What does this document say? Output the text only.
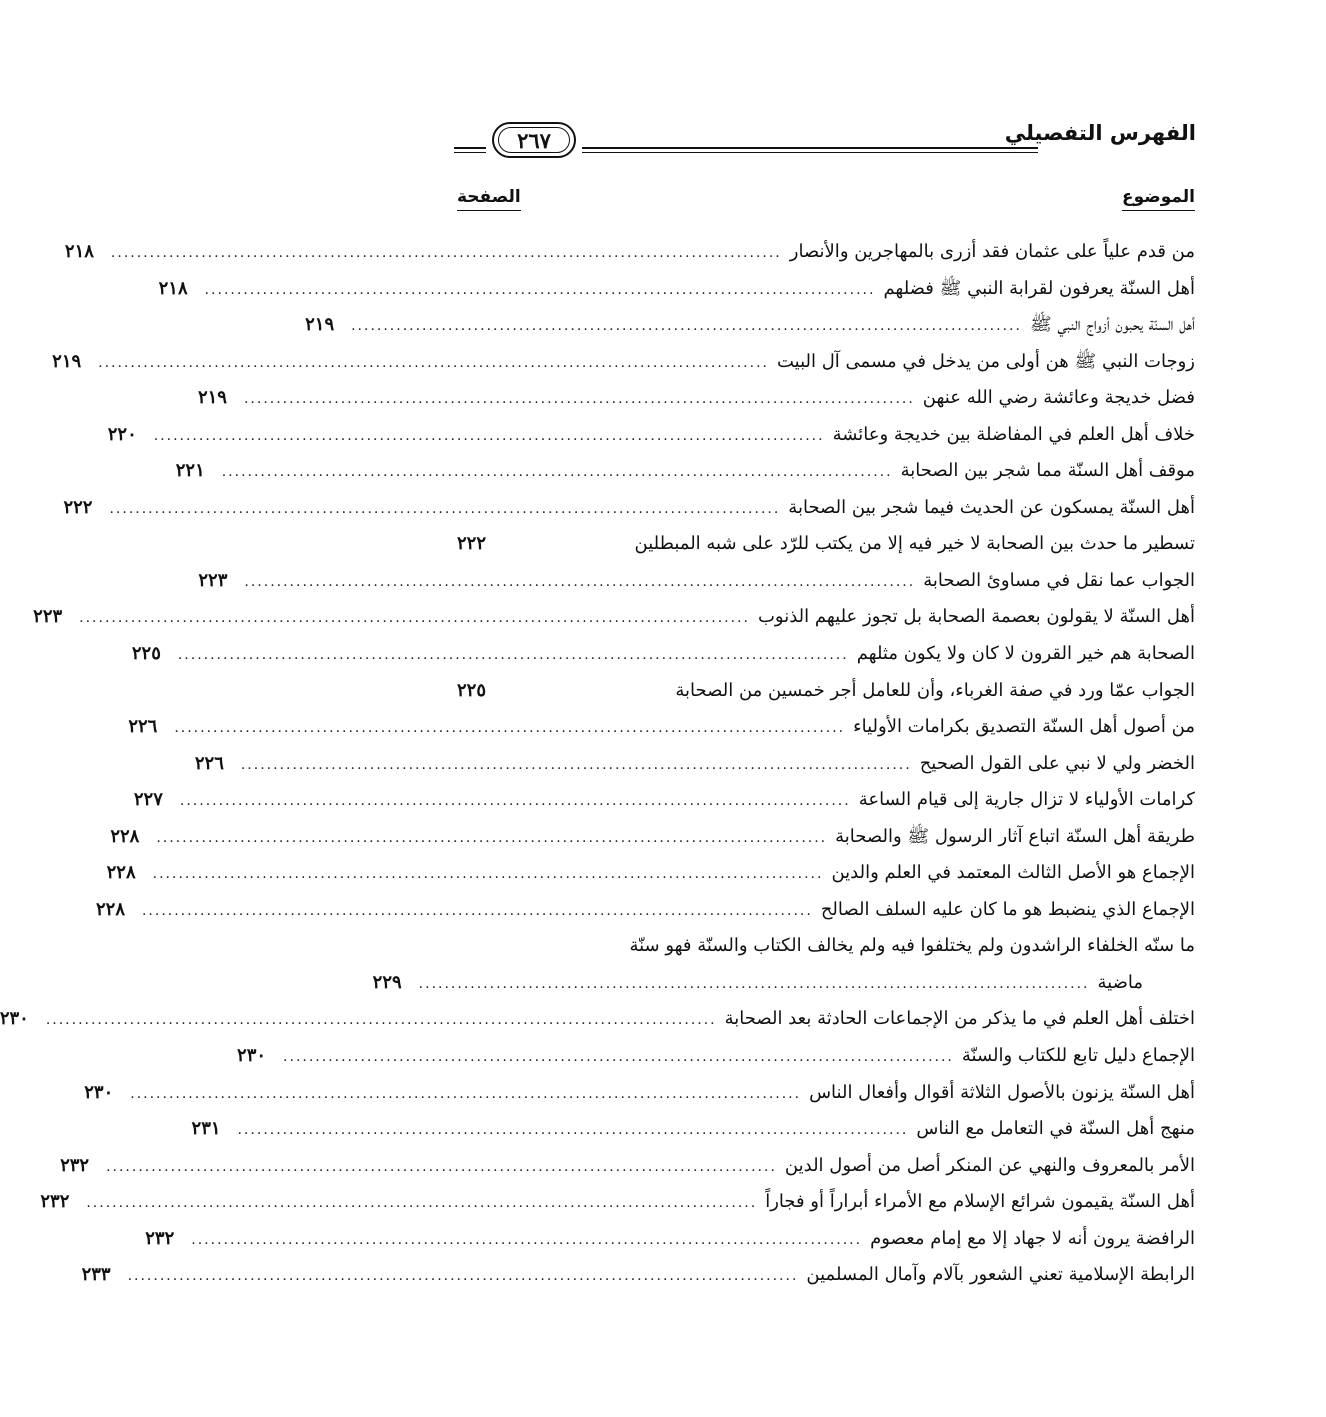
الفهرس التفصيلي
٢٦٧
الموضوع
الصفحة
من قدم علياً على عثمان فقد أزرى بالمهاجرين والأنصار
........................................................................................................
٢١٨
أهل السنّة يعرفون لقرابة النبي ﷺ فضلهم
........................................................................................................
٢١٨
أهل السنّة يحبون أزواج النبي ﷺ
........................................................................................................
٢١٩
زوجات النبي ﷺ هن أولى من يدخل في مسمى آل البيت
........................................................................................................
٢١٩
فضل خديجة وعائشة رضي الله عنهن
........................................................................................................
٢١٩
خلاف أهل العلم في المفاضلة بين خديجة وعائشة
........................................................................................................
٢٢٠
موقف أهل السنّة مما شجر بين الصحابة
........................................................................................................
٢٢١
أهل السنّة يمسكون عن الحديث فيما شجر بين الصحابة
........................................................................................................
٢٢٢
تسطير ما حدث بين الصحابة لا خير فيه إلا من يكتب للرّد على شبه المبطلين
٢٢٢
الجواب عما نقل في مساوئ الصحابة
........................................................................................................
٢٢٣
أهل السنّة لا يقولون بعصمة الصحابة بل تجوز عليهم الذنوب
........................................................................................................
٢٢٣
الصحابة هم خير القرون لا كان ولا يكون مثلهم
........................................................................................................
٢٢٥
الجواب عمّا ورد في صفة الغرباء، وأن للعامل أجر خمسين من الصحابة
٢٢٥
من أصول أهل السنّة التصديق بكرامات الأولياء
........................................................................................................
٢٢٦
الخضر ولي لا نبي على القول الصحيح
........................................................................................................
٢٢٦
كرامات الأولياء لا تزال جارية إلى قيام الساعة
........................................................................................................
٢٢٧
طريقة أهل السنّة اتباع آثار الرسول ﷺ والصحابة
........................................................................................................
٢٢٨
الإجماع هو الأصل الثالث المعتمد في العلم والدين
........................................................................................................
٢٢٨
الإجماع الذي ينضبط هو ما كان عليه السلف الصالح
........................................................................................................
٢٢٨
ما سنّه الخلفاء الراشدون ولم يختلفوا فيه ولم يخالف الكتاب والسنّة فهو سنّة
ماضية
........................................................................................................
٢٢٩
اختلف أهل العلم في ما يذكر من الإجماعات الحادثة بعد الصحابة
........................................................................................................
٢٣٠
الإجماع دليل تابع للكتاب والسنّة
........................................................................................................
٢٣٠
أهل السنّة يزنون بالأصول الثلاثة أقوال وأفعال الناس
........................................................................................................
٢٣٠
منهج أهل السنّة في التعامل مع الناس
........................................................................................................
٢٣١
الأمر بالمعروف والنهي عن المنكر أصل من أصول الدين
........................................................................................................
٢٣٢
أهل السنّة يقيمون شرائع الإسلام مع الأمراء أبراراً أو فجاراً
........................................................................................................
٢٣٢
الرافضة يرون أنه لا جهاد إلا مع إمام معصوم
........................................................................................................
٢٣٢
الرابطة الإسلامية تعني الشعور بآلام وآمال المسلمين
........................................................................................................
٢٣٣
